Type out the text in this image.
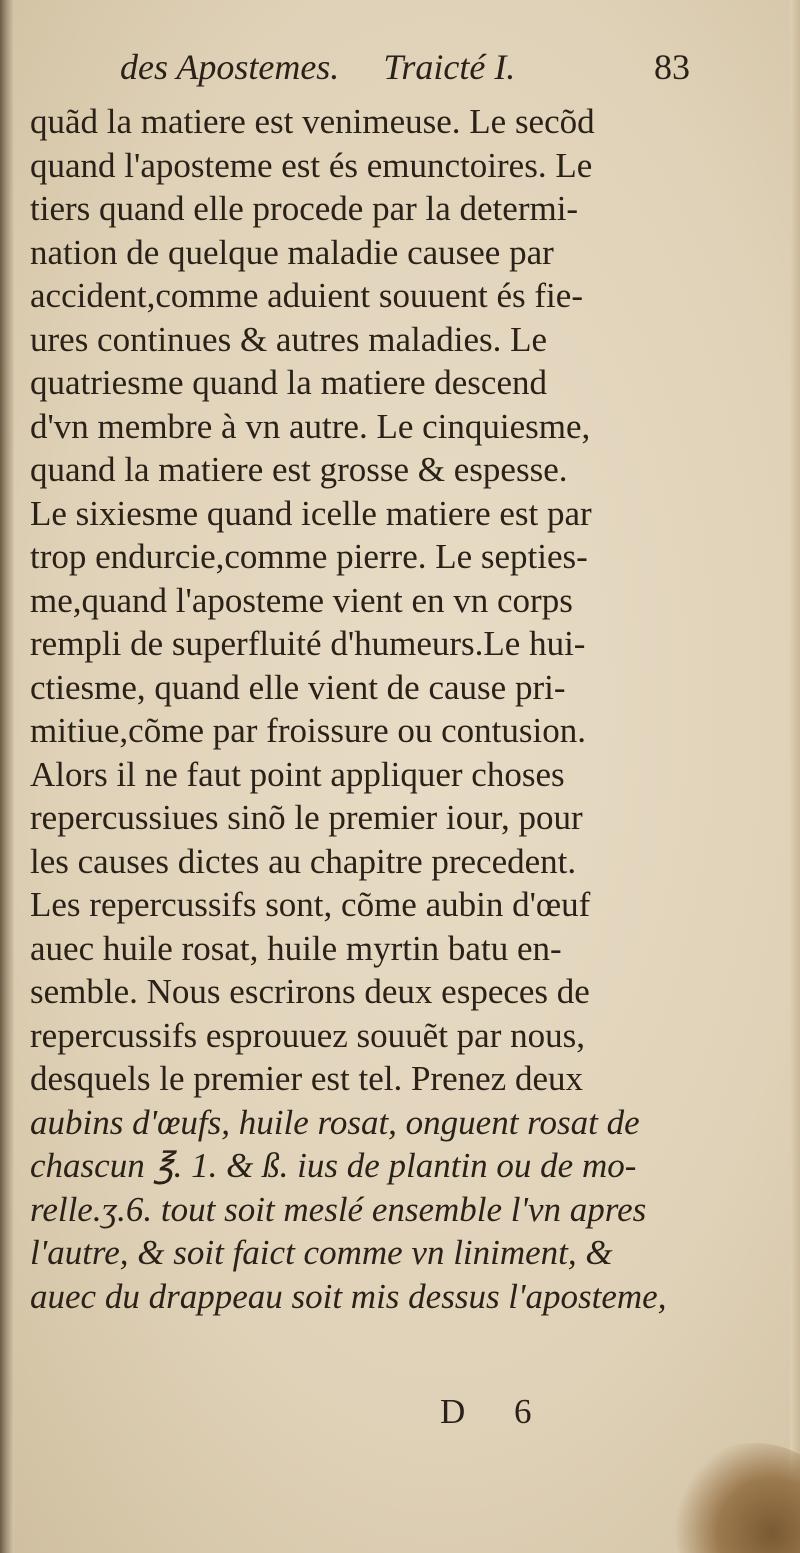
des Apostemes. Traicté I.	83
quãd la matiere est venimeuse. Le secõd
quand l'aposteme est és emunctoires. Le
tiers quand elle procede par la determi-
nation de quelque maladie causee par
accident,comme aduient souuent és fie-
ures continues & autres maladies. Le
quatriesme quand la matiere descend
d'vn membre à vn autre. Le cinquiesme,
quand la matiere est grosse & espesse.
Le sixiesme quand icelle matiere est par
trop endurcie,comme pierre. Le septies-
me,quand l'aposteme vient en vn corps
rempli de superfluité d'humeurs.Le hui-
ctiesme, quand elle vient de cause pri-
mitiue,cõme par froissure ou contusion.
Alors il ne faut point appliquer choses
repercussiues sinõ le premier iour, pour
les causes dictes au chapitre precedent.
Les repercussifs sont, cõme aubin d'œuf
auec huile rosat, huile myrtin batu en-
semble. Nous escrirons deux especes de
repercussifs esprouuez souuẽt par nous,
desquels le premier est tel. Prenez deux
aubins d'œufs, huile rosat, onguent rosat de
chascun ℥. 1. & ß. ius de plantin ou de mo-
relle.ʒ.6. tout soit meslé ensemble l'vn apres
l'autre, & soit faict comme vn liniment, &
auec du drappeau soit mis dessus l'aposteme,
D 6
